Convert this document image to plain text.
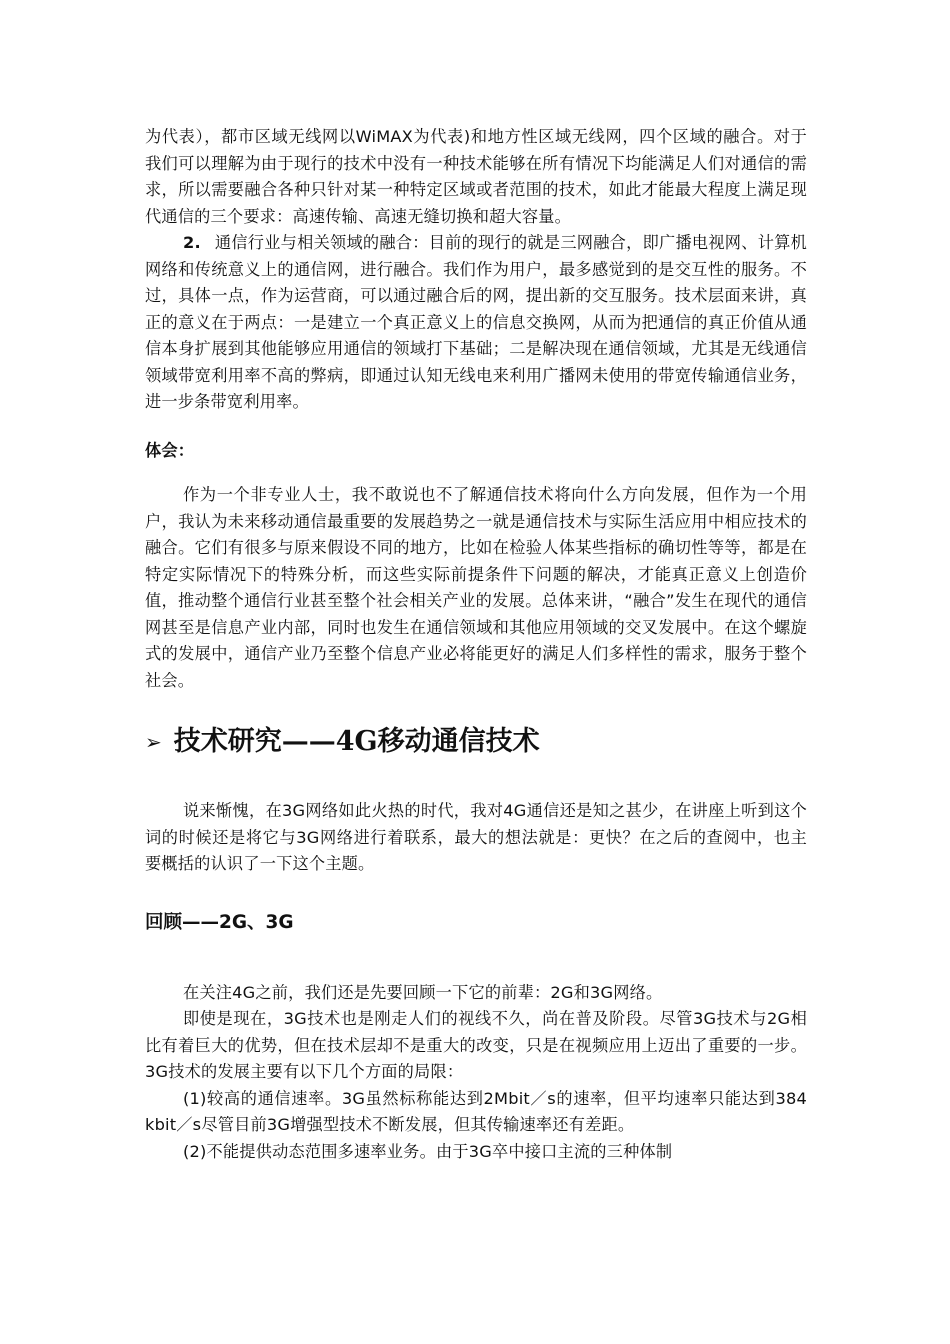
为代表），都市区域无线网以WiMAX为代表)和地方性区域无线网，四个区域的融合。对于我们可以理解为由于现行的技术中没有一种技术能够在所有情况下均能满足人们对通信的需求，所以需要融合各种只针对某一种特定区域或者范围的技术，如此才能最大程度上满足现代通信的三个要求：高速传输、高速无缝切换和超大容量。

2. 通信行业与相关领域的融合：目前的现行的就是三网融合，即广播电视网、计算机网络和传统意义上的通信网，进行融合。我们作为用户，最多感觉到的是交互性的服务。不过，具体一点，作为运营商，可以通过融合后的网，提出新的交互服务。技术层面来讲，真正的意义在于两点：一是建立一个真正意义上的信息交换网，从而为把通信的真正价值从通信本身扩展到其他能够应用通信的领域打下基础；二是解决现在通信领域，尤其是无线通信领域带宽利用率不高的弊病，即通过认知无线电来利用广播网未使用的带宽传输通信业务，进一步条带宽利用率。

体会：

作为一个非专业人士，我不敢说也不了解通信技术将向什么方向发展，但作为一个用户，我认为未来移动通信最重要的发展趋势之一就是通信技术与实际生活应用中相应技术的融合。它们有很多与原来假设不同的地方，比如在检验人体某些指标的确切性等等，都是在特定实际情况下的特殊分析，而这些实际前提条件下问题的解决，才能真正意义上创造价值，推动整个通信行业甚至整个社会相关产业的发展。总体来讲，“融合”发生在现代的通信网甚至是信息产业内部，同时也发生在通信领域和其他应用领域的交叉发展中。在这个螺旋式的发展中，通信产业乃至整个信息产业必将能更好的满足人们多样性的需求，服务于整个社会。

➢ 技术研究——4G移动通信技术

说来惭愧，在3G网络如此火热的时代，我对4G通信还是知之甚少，在讲座上听到这个词的时候还是将它与3G网络进行着联系，最大的想法就是：更快？在之后的查阅中，也主要概括的认识了一下这个主题。

回顾——2G、3G

在关注4G之前，我们还是先要回顾一下它的前辈：2G和3G网络。

即使是现在，3G技术也是刚走人们的视线不久，尚在普及阶段。尽管3G技术与2G相比有着巨大的优势，但在技术层却不是重大的改变，只是在视频应用上迈出了重要的一步。3G技术的发展主要有以下几个方面的局限：

(1)较高的通信速率。3G虽然标称能达到2Mbit／s的速率，但平均速率只能达到384 kbit／s尽管目前3G增强型技术不断发展，但其传输速率还有差距。

(2)不能提供动态范围多速率业务。由于3G卒中接口主流的三种体制
